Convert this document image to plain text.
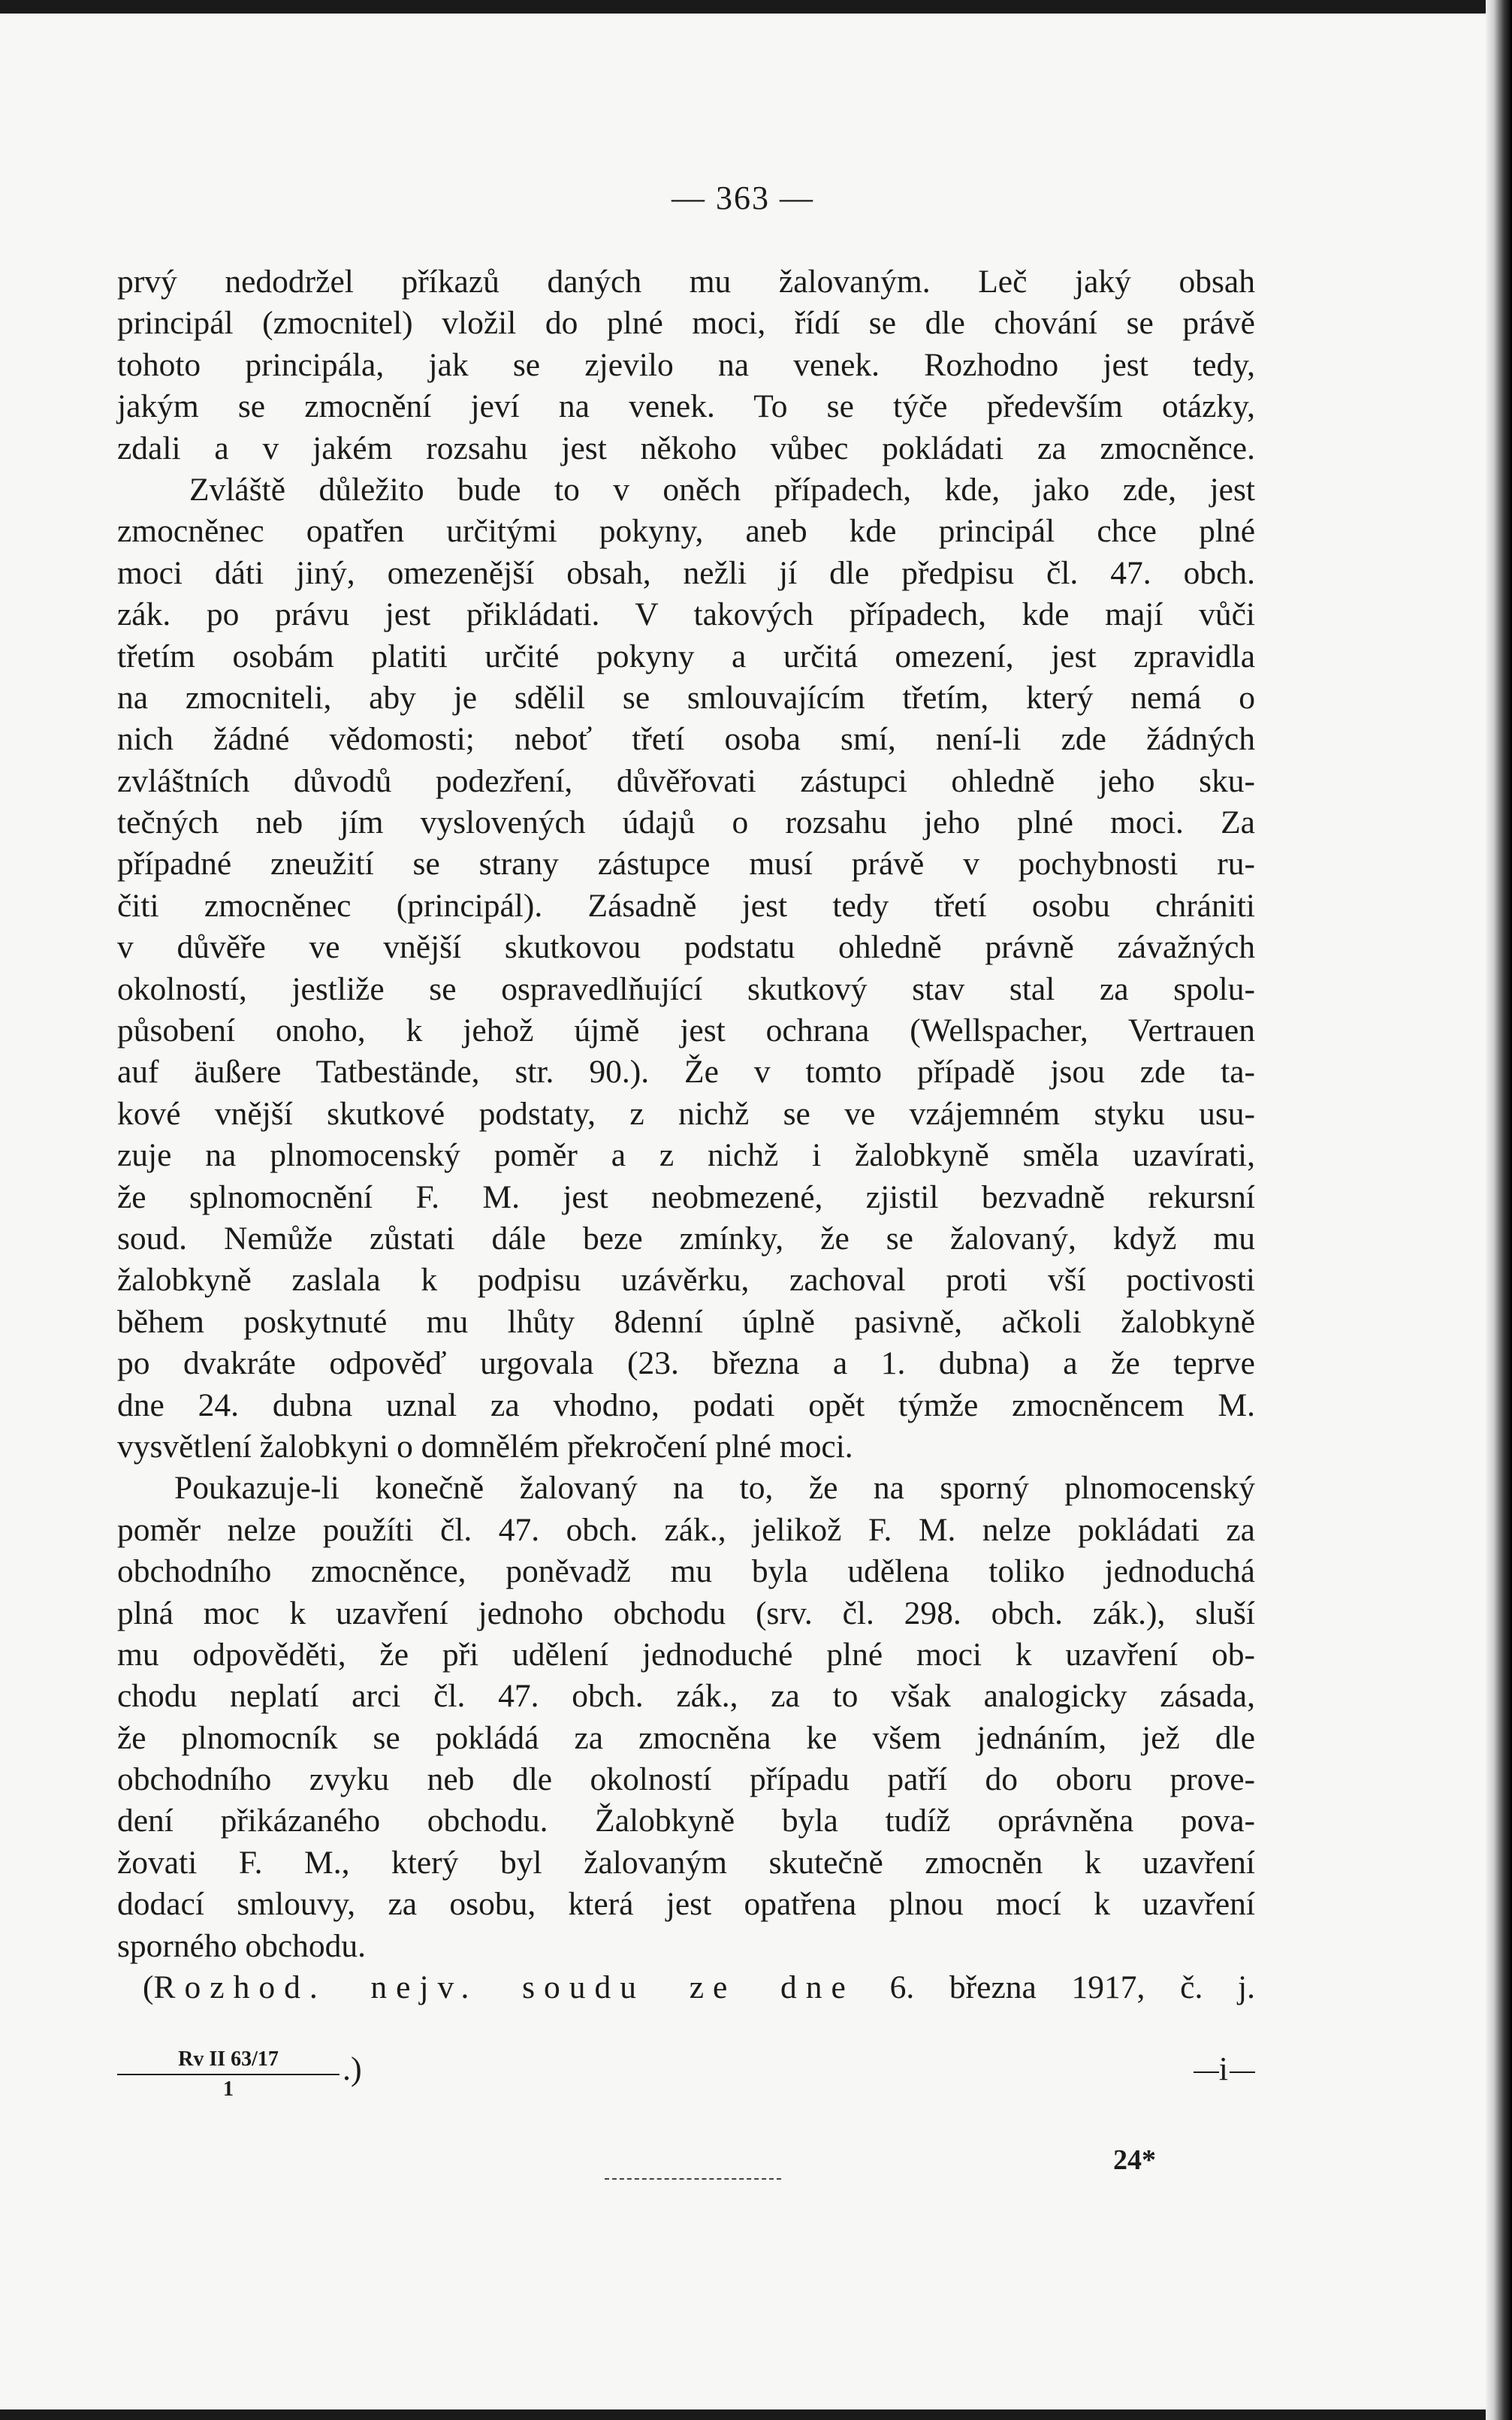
— 363 —
prvý nedodržel příkazů daných mu žalovaným. Leč jaký obsah
principál (zmocnitel) vložil do plné moci, řídí se dle chování se právě
tohoto principála, jak se zjevilo na venek. Rozhodno jest tedy,
jakým se zmocnění jeví na venek. To se týče především otázky,
zdali a v jakém rozsahu jest někoho vůbec pokládati za zmocněnce.
Zvláště důležito bude to v oněch případech, kde, jako zde, jest
zmocněnec opatřen určitými pokyny, aneb kde principál chce plné
moci dáti jiný, omezenější obsah, nežli jí dle předpisu čl. 47. obch.
zák. po právu jest přikládati. V takových případech, kde mají vůči
třetím osobám platiti určité pokyny a určitá omezení, jest zpravidla
na zmocniteli, aby je sdělil se smlouvajícím třetím, který nemá o
nich žádné vědomosti; neboť třetí osoba smí, není-li zde žádných
zvláštních důvodů podezření, důvěřovati zástupci ohledně jeho sku-
tečných neb jím vyslovených údajů o rozsahu jeho plné moci. Za
případné zneužití se strany zástupce musí právě v pochybnosti ru-
čiti zmocněnec (principál). Zásadně jest tedy třetí osobu chrániti
v důvěře ve vnější skutkovou podstatu ohledně právně závažných
okolností, jestliže se ospravedlňující skutkový stav stal za spolu-
působení onoho, k jehož újmě jest ochrana (Wellspacher, Vertrauen
auf äußere Tatbestände, str. 90.). Že v tomto případě jsou zde ta-
kové vnější skutkové podstaty, z nichž se ve vzájemném styku usu-
zuje na plnomocenský poměr a z nichž i žalobkyně směla uzavírati,
že splnomocnění F. M. jest neobmezené, zjistil bezvadně rekursní
soud. Nemůže zůstati dále beze zmínky, že se žalovaný, když mu
žalobkyně zaslala k podpisu uzávěrku, zachoval proti vší poctivosti
během poskytnuté mu lhůty 8denní úplně pasivně, ačkoli žalobkyně
po dvakráte odpověď urgovala (23. března a 1. dubna) a že teprve
dne 24. dubna uznal za vhodno, podati opět týmže zmocněncem M.
vysvětlení žalobkyni o domnělém překročení plné moci.
Poukazuje-li konečně žalovaný na to, že na sporný plnomocenský
poměr nelze použíti čl. 47. obch. zák., jelikož F. M. nelze pokládati za
obchodního zmocněnce, poněvadž mu byla udělena toliko jednoduchá
plná moc k uzavření jednoho obchodu (srv. čl. 298. obch. zák.), sluší
mu odpověděti, že při udělení jednoduché plné moci k uzavření ob-
chodu neplatí arci čl. 47. obch. zák., za to však analogicky zásada,
že plnomocník se pokládá za zmocněna ke všem jednáním, jež dle
obchodního zvyku neb dle okolností případu patří do oboru prove-
dení přikázaného obchodu. Žalobkyně byla tudíž oprávněna pova-
žovati F. M., který byl žalovaným skutečně zmocněn k uzavření
dodací smlouvy, za osobu, která jest opatřena plnou mocí k uzavření
sporného obchodu.
(Rozhod. nejv. soudu ze dne 6. března 1917, č. j.
Rv II 63/17
1
.)	i
24*
